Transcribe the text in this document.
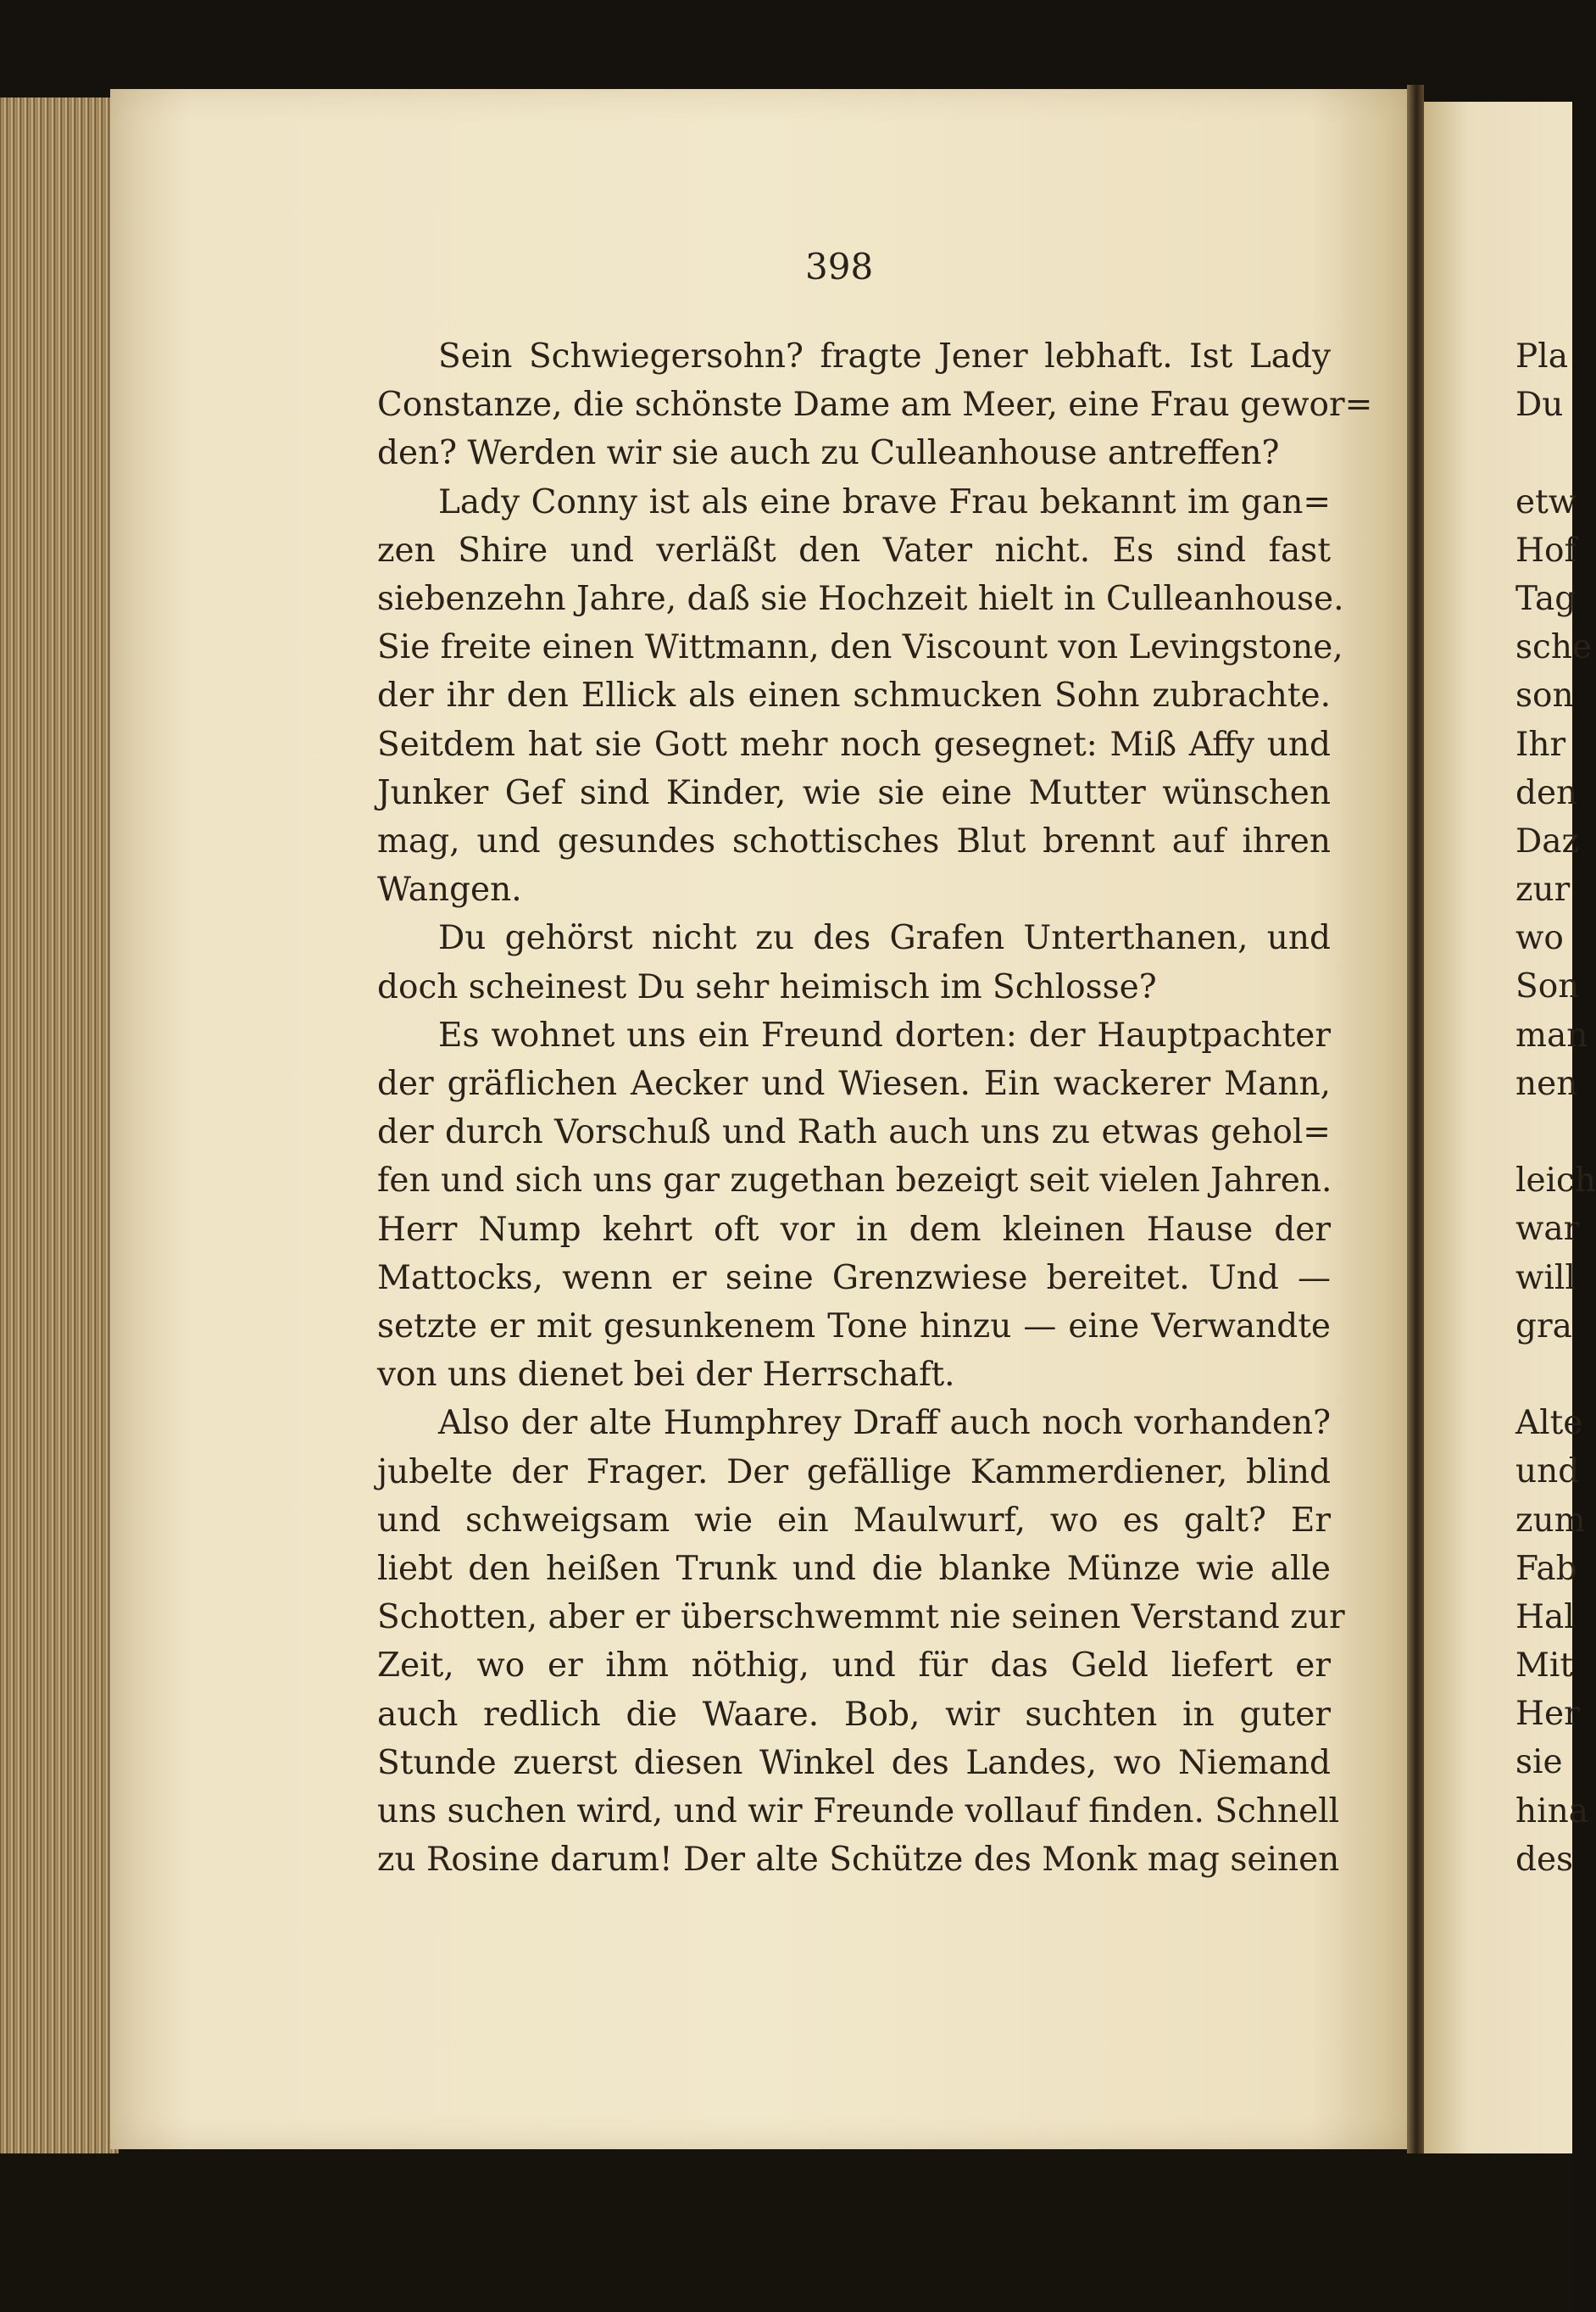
398
Sein Schwiegersohn? fragte Jener lebhaft. Ist Lady
Constanze, die schönste Dame am Meer, eine Frau gewor=
den? Werden wir sie auch zu Culleanhouse antreffen?
Lady Conny ist als eine brave Frau bekannt im gan=
zen Shire und verläßt den Vater nicht. Es sind fast
siebenzehn Jahre, daß sie Hochzeit hielt in Culleanhouse.
Sie freite einen Wittmann, den Viscount von Levingstone,
der ihr den Ellick als einen schmucken Sohn zubrachte.
Seitdem hat sie Gott mehr noch gesegnet: Miß Affy und
Junker Gef sind Kinder, wie sie eine Mutter wünschen
mag, und gesundes schottisches Blut brennt auf ihren
Wangen.
Du gehörst nicht zu des Grafen Unterthanen, und
doch scheinest Du sehr heimisch im Schlosse?
Es wohnet uns ein Freund dorten: der Hauptpachter
der gräflichen Aecker und Wiesen. Ein wackerer Mann,
der durch Vorschuß und Rath auch uns zu etwas gehol=
fen und sich uns gar zugethan bezeigt seit vielen Jahren.
Herr Nump kehrt oft vor in dem kleinen Hause der
Mattocks, wenn er seine Grenzwiese bereitet. Und —
setzte er mit gesunkenem Tone hinzu — eine Verwandte
von uns dienet bei der Herrschaft.
Also der alte Humphrey Draff auch noch vorhanden?
jubelte der Frager. Der gefällige Kammerdiener, blind
und schweigsam wie ein Maulwurf, wo es galt? Er
liebt den heißen Trunk und die blanke Münze wie alle
Schotten, aber er überschwemmt nie seinen Verstand zur
Zeit, wo er ihm nöthig, und für das Geld liefert er
auch redlich die Waare. Bob, wir suchten in guter
Stunde zuerst diesen Winkel des Landes, wo Niemand
uns suchen wird, und wir Freunde vollauf finden. Schnell
zu Rosine darum! Der alte Schütze des Monk mag seinen
Pla
Du
etw
Hof
Tag
sche
son
Ihr
den
Daz
zur
wo
Son
man
nen
leich
war
will
gra
Alte
und
zum
Fab
Hal
Mit
Her
sie
hina
des
